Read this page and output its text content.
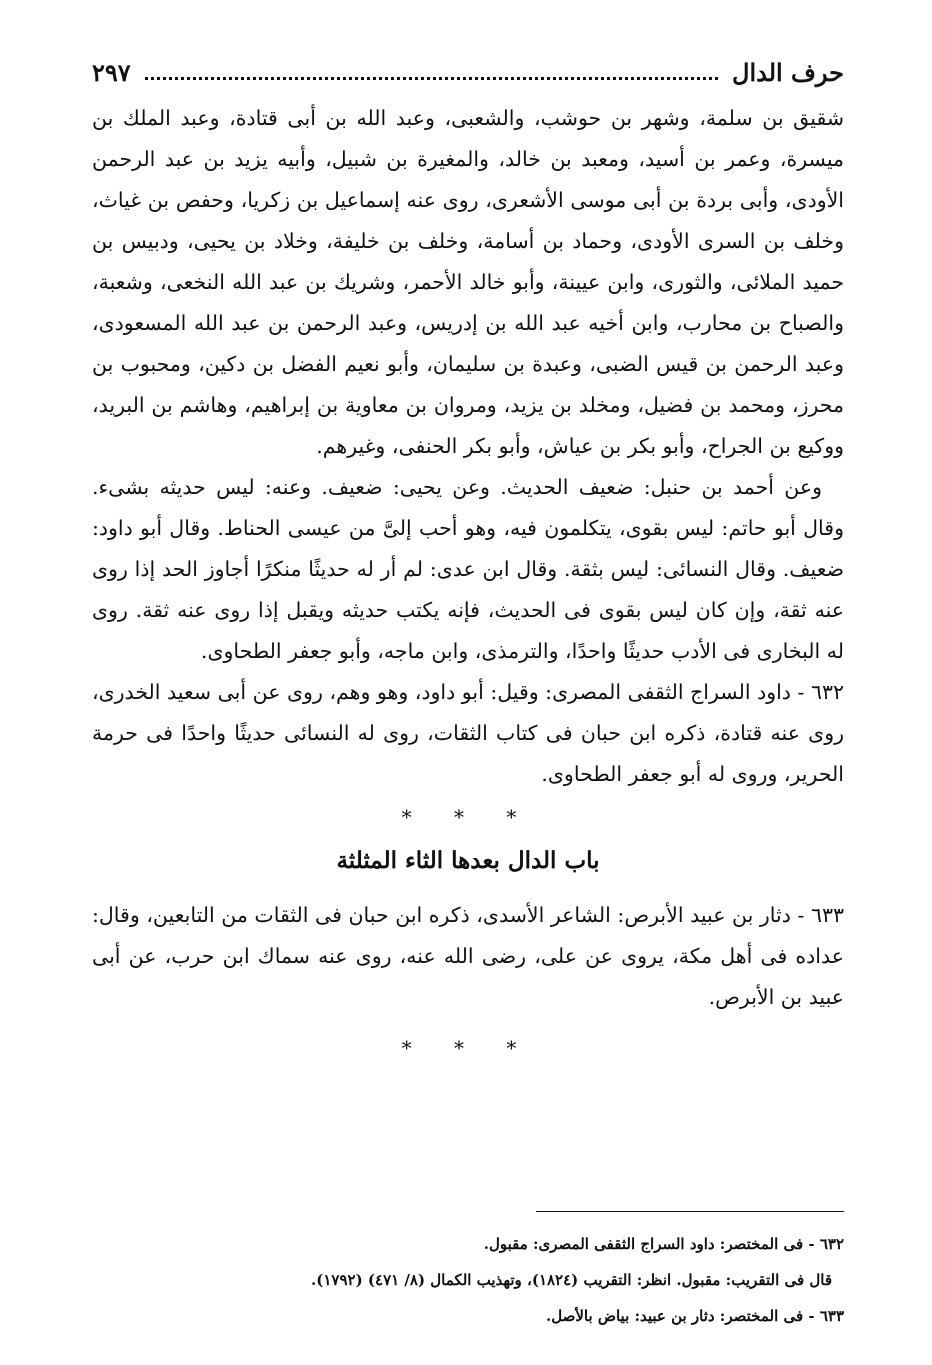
حرف الدال
٢٩٧

شقيق بن سلمة، وشهر بن حوشب، والشعبى، وعبد الله بن أبى قتادة، وعبد الملك بن ميسرة، وعمر بن أسيد، ومعبد بن خالد، والمغيرة بن شبيل، وأبيه يزيد بن عبد الرحمن الأودى، وأبى بردة بن أبى موسى الأشعرى، روى عنه إسماعيل بن زكريا، وحفص بن غياث، وخلف بن السرى الأودى، وحماد بن أسامة، وخلف بن خليفة، وخلاد بن يحيى، ودبيس بن حميد الملائى، والثورى، وابن عيينة، وأبو خالد الأحمر، وشريك بن عبد الله النخعى، وشعبة، والصباح بن محارب، وابن أخيه عبد الله بن إدريس، وعبد الرحمن بن عبد الله المسعودى، وعبد الرحمن بن قيس الضبى، وعبدة بن سليمان، وأبو نعيم الفضل بن دكين، ومحبوب بن محرز، ومحمد بن فضيل، ومخلد بن يزيد، ومروان بن معاوية بن إبراهيم، وهاشم بن البريد، ووكيع بن الجراح، وأبو بكر بن عياش، وأبو بكر الحنفى، وغيرهم.

وعن أحمد بن حنبل: ضعيف الحديث. وعن يحيى: ضعيف. وعنه: ليس حديثه بشىء. وقال أبو حاتم: ليس بقوى، يتكلمون فيه، وهو أحب إلىَّ من عيسى الحناط. وقال أبو داود: ضعيف. وقال النسائى: ليس بثقة. وقال ابن عدى: لم أر له حديثًا منكرًا أجاوز الحد إذا روى عنه ثقة، وإن كان ليس بقوى فى الحديث، فإنه يكتب حديثه ويقبل إذا روى عنه ثقة. روى له البخارى فى الأدب حديثًا واحدًا، والترمذى، وابن ماجه، وأبو جعفر الطحاوى.

٦٣٢ - داود السراج الثقفى المصرى: وقيل: أبو داود، وهو وهم، روى عن أبى سعيد الخدرى، روى عنه قتادة، ذكره ابن حبان فى كتاب الثقات، روى له النسائى حديثًا واحدًا فى حرمة الحرير، وروى له أبو جعفر الطحاوى.

* * *
باب الدال بعدها الثاء المثلثة

٦٣٣ - دثار بن عبيد الأبرص: الشاعر الأسدى، ذكره ابن حبان فى الثقات من التابعين، وقال: عداده فى أهل مكة، يروى عن على، رضى الله عنه، روى عنه سماك ابن حرب، عن أبى عبيد بن الأبرص.

* * *

٦٣٢ - فى المختصر: داود السراج الثقفى المصرى: مقبول.

قال فى التقريب: مقبول. انظر: التقريب (١٨٢٤)، وتهذيب الكمال (٨/ ٤٧١) (١٧٩٢).

٦٣٣ - فى المختصر: دثار بن عبيد: بياض بالأصل.
